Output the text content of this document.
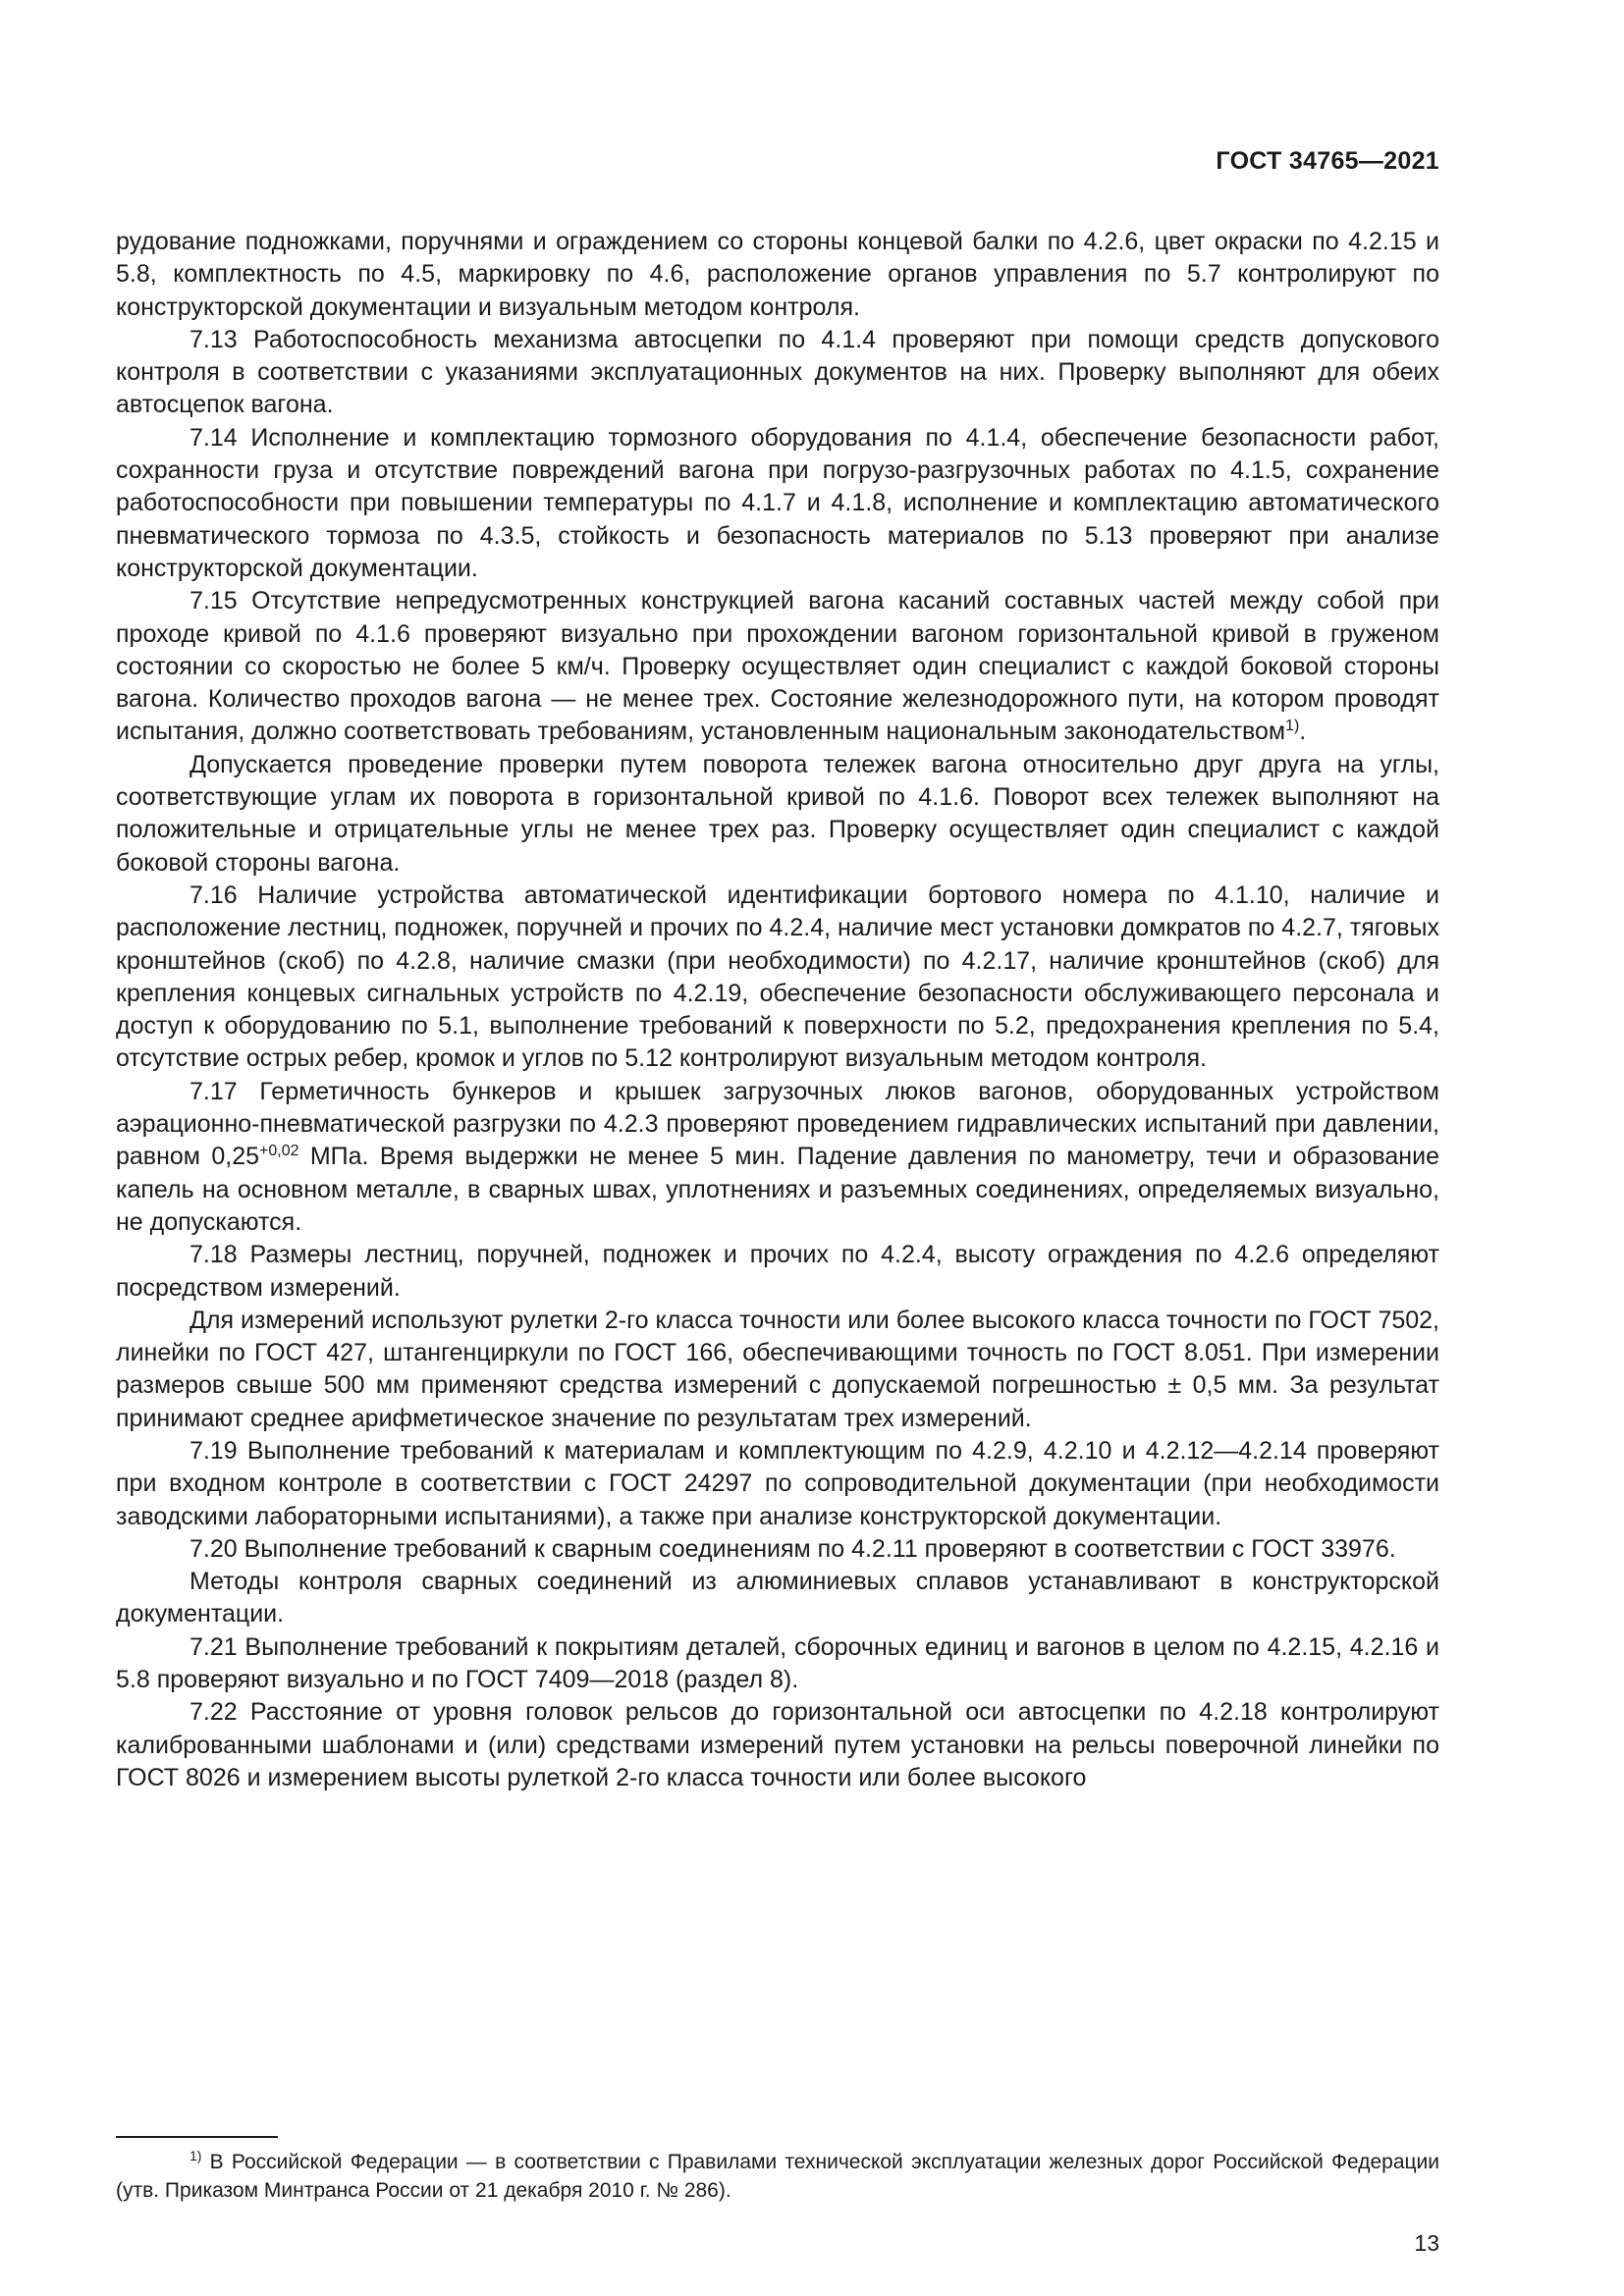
ГОСТ 34765—2021

рудование подножками, поручнями и ограждением со стороны концевой балки по 4.2.6, цвет окраски по 4.2.15 и 5.8, комплектность по 4.5, маркировку по 4.6, расположение органов управления по 5.7 контролируют по конструкторской документации и визуальным методом контроля.

7.13 Работоспособность механизма автосцепки по 4.1.4 проверяют при помощи средств допускового контроля в соответствии с указаниями эксплуатационных документов на них. Проверку выполняют для обеих автосцепок вагона.

7.14 Исполнение и комплектацию тормозного оборудования по 4.1.4, обеспечение безопасности работ, сохранности груза и отсутствие повреждений вагона при погрузо-разгрузочных работах по 4.1.5, сохранение работоспособности при повышении температуры по 4.1.7 и 4.1.8, исполнение и комплектацию автоматического пневматического тормоза по 4.3.5, стойкость и безопасность материалов по 5.13 проверяют при анализе конструкторской документации.

7.15 Отсутствие непредусмотренных конструкцией вагона касаний составных частей между собой при проходе кривой по 4.1.6 проверяют визуально при прохождении вагоном горизонтальной кривой в груженом состоянии со скоростью не более 5 км/ч. Проверку осуществляет один специалист с каждой боковой стороны вагона. Количество проходов вагона — не менее трех. Состояние железнодорожного пути, на котором проводят испытания, должно соответствовать требованиям, установленным национальным законодательством$^{1)}$.

Допускается проведение проверки путем поворота тележек вагона относительно друг друга на углы, соответствующие углам их поворота в горизонтальной кривой по 4.1.6. Поворот всех тележек выполняют на положительные и отрицательные углы не менее трех раз. Проверку осуществляет один специалист с каждой боковой стороны вагона.

7.16 Наличие устройства автоматической идентификации бортового номера по 4.1.10, наличие и расположение лестниц, подножек, поручней и прочих по 4.2.4, наличие мест установки домкратов по 4.2.7, тяговых кронштейнов (скоб) по 4.2.8, наличие смазки (при необходимости) по 4.2.17, наличие кронштейнов (скоб) для крепления концевых сигнальных устройств по 4.2.19, обеспечение безопасности обслуживающего персонала и доступ к оборудованию по 5.1, выполнение требований к поверхности по 5.2, предохранения крепления по 5.4, отсутствие острых ребер, кромок и углов по 5.12 контролируют визуальным методом контроля.

7.17 Герметичность бункеров и крышек загрузочных люков вагонов, оборудованных устройством аэрационно-пневматической разгрузки по 4.2.3 проверяют проведением гидравлических испытаний при давлении, равном $0,25^{+0,02}$ МПа. Время выдержки не менее 5 мин. Падение давления по манометру, течи и образование капель на основном металле, в сварных швах, уплотнениях и разъемных соединениях, определяемых визуально, не допускаются.

7.18 Размеры лестниц, поручней, подножек и прочих по 4.2.4, высоту ограждения по 4.2.6 определяют посредством измерений.

Для измерений используют рулетки 2-го класса точности или более высокого класса точности по ГОСТ 7502, линейки по ГОСТ 427, штангенциркули по ГОСТ 166, обеспечивающими точность по ГОСТ 8.051. При измерении размеров свыше 500 мм применяют средства измерений с допускаемой погрешностью ± 0,5 мм. За результат принимают среднее арифметическое значение по результатам трех измерений.

7.19 Выполнение требований к материалам и комплектующим по 4.2.9, 4.2.10 и 4.2.12—4.2.14 проверяют при входном контроле в соответствии с ГОСТ 24297 по сопроводительной документации (при необходимости заводскими лабораторными испытаниями), а также при анализе конструкторской документации.

7.20 Выполнение требований к сварным соединениям по 4.2.11 проверяют в соответствии с ГОСТ 33976.

Методы контроля сварных соединений из алюминиевых сплавов устанавливают в конструкторской документации.

7.21 Выполнение требований к покрытиям деталей, сборочных единиц и вагонов в целом по 4.2.15, 4.2.16 и 5.8 проверяют визуально и по ГОСТ 7409—2018 (раздел 8).

7.22 Расстояние от уровня головок рельсов до горизонтальной оси автосцепки по 4.2.18 контролируют калиброванными шаблонами и (или) средствами измерений путем установки на рельсы поверочной линейки по ГОСТ 8026 и измерением высоты рулеткой 2-го класса точности или более высокого

$^{1)}$ В Российской Федерации — в соответствии с Правилами технической эксплуатации железных дорог Российской Федерации (утв. Приказом Минтранса России от 21 декабря 2010 г. № 286).

13
